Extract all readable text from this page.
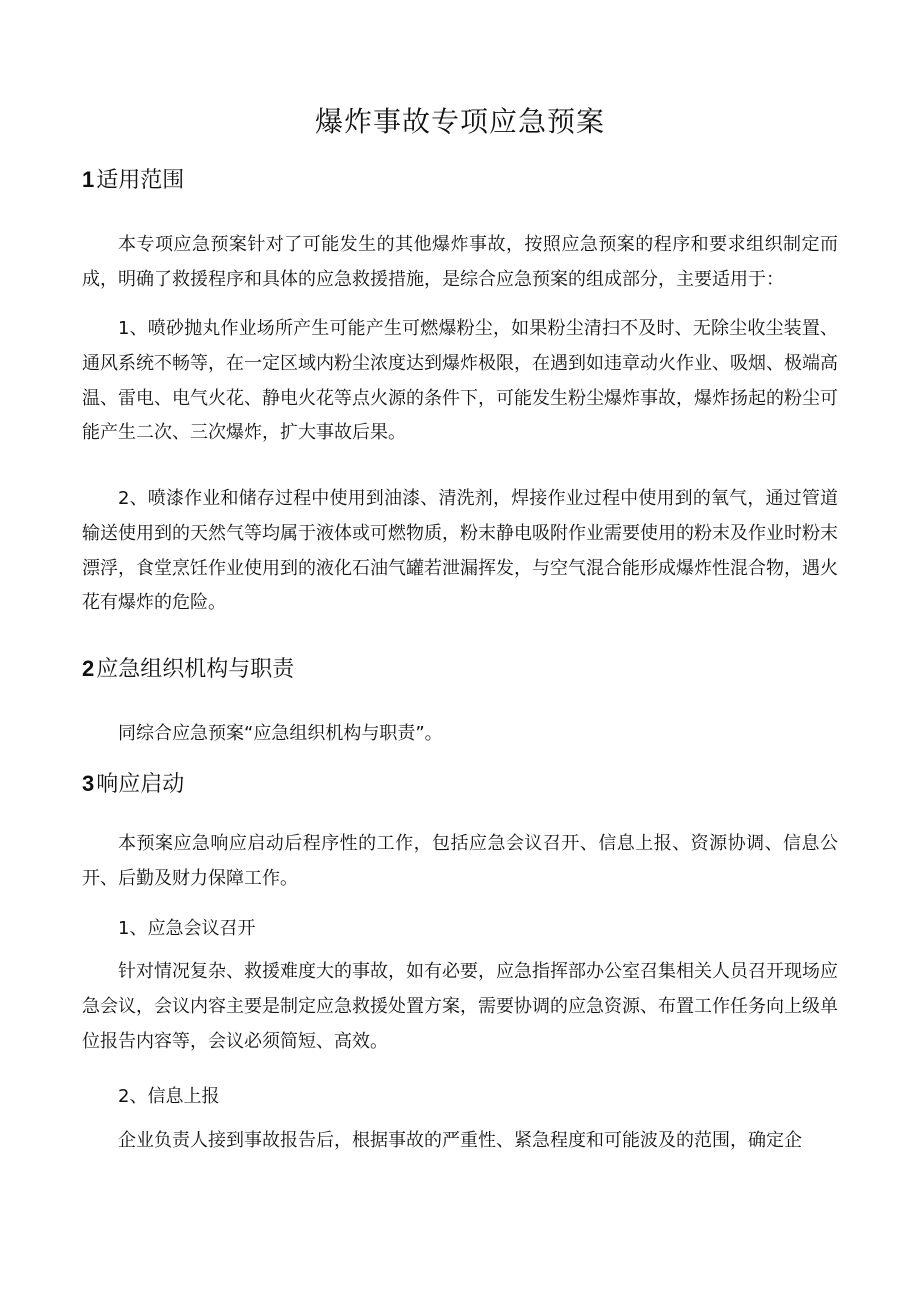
爆炸事故专项应急预案
1适用范围

本专项应急预案针对了可能发生的其他爆炸事故，按照应急预案的程序和要求组织制定而成，明确了救援程序和具体的应急救援措施，是综合应急预案的组成部分，主要适用于：

1、喷砂抛丸作业场所产生可能产生可燃爆粉尘，如果粉尘清扫不及时、无除尘收尘装置、通风系统不畅等，在一定区域内粉尘浓度达到爆炸极限，在遇到如违章动火作业、吸烟、极端高温、雷电、电气火花、静电火花等点火源的条件下，可能发生粉尘爆炸事故，爆炸扬起的粉尘可能产生二次、三次爆炸，扩大事故后果。

2、喷漆作业和储存过程中使用到油漆、清洗剂，焊接作业过程中使用到的氧气，通过管道输送使用到的天然气等均属于液体或可燃物质，粉末静电吸附作业需要使用的粉末及作业时粉末漂浮，食堂烹饪作业使用到的液化石油气罐若泄漏挥发，与空气混合能形成爆炸性混合物，遇火花有爆炸的危险。

2应急组织机构与职责

同综合应急预案“应急组织机构与职责”。

3响应启动

本预案应急响应启动后程序性的工作，包括应急会议召开、信息上报、资源协调、信息公开、后勤及财力保障工作。

1、应急会议召开

针对情况复杂、救援难度大的事故，如有必要，应急指挥部办公室召集相关人员召开现场应急会议，会议内容主要是制定应急救援处置方案，需要协调的应急资源、布置工作任务向上级单位报告内容等，会议必须简短、高效。

2、信息上报

企业负责人接到事故报告后，根据事故的严重性、紧急程度和可能波及的范围，确定企
